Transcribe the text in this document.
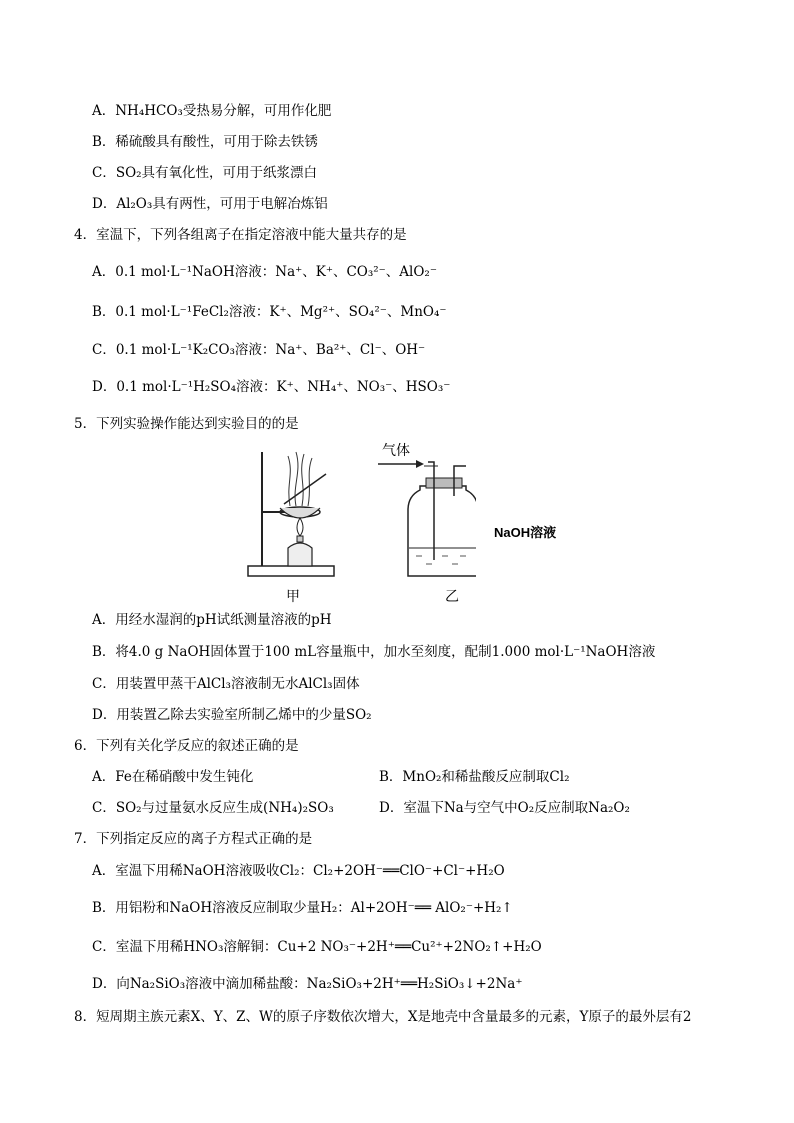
A．NH₄HCO₃受热易分解，可用作化肥
B．稀硫酸具有酸性，可用于除去铁锈
C．SO₂具有氧化性，可用于纸浆漂白
D．Al₂O₃具有两性，可用于电解冶炼铝
4．室温下，下列各组离子在指定溶液中能大量共存的是
A．0.1 mol·L⁻¹NaOH溶液：Na⁺、K⁺、CO₃²⁻、AlO₂⁻
B．0.1 mol·L⁻¹FeCl₂溶液：K⁺、Mg²⁺、SO₄²⁻、MnO₄⁻
C．0.1 mol·L⁻¹K₂CO₃溶液：Na⁺、Ba²⁺、Cl⁻、OH⁻
D．0.1 mol·L⁻¹H₂SO₄溶液：K⁺、NH₄⁺、NO₃⁻、HSO₃⁻
5．下列实验操作能达到实验目的的是
甲
气体
NaOH溶液
乙
A．用经水湿润的pH试纸测量溶液的pH
B．将4.0 g NaOH固体置于100 mL容量瓶中，加水至刻度，配制1.000 mol·L⁻¹NaOH溶液
C．用装置甲蒸干AlCl₃溶液制无水AlCl₃固体
D．用装置乙除去实验室所制乙烯中的少量SO₂
6．下列有关化学反应的叙述正确的是
A．Fe在稀硝酸中发生钝化	B．MnO₂和稀盐酸反应制取Cl₂
C．SO₂与过量氨水反应生成(NH₄)₂SO₃	D．室温下Na与空气中O₂反应制取Na₂O₂
7．下列指定反应的离子方程式正确的是
A．室温下用稀NaOH溶液吸收Cl₂：Cl₂+2OH⁻══ClO⁻+Cl⁻+H₂O
B．用铝粉和NaOH溶液反应制取少量H₂：Al+2OH⁻══ AlO₂⁻+H₂↑
C．室温下用稀HNO₃溶解铜：Cu+2 NO₃⁻+2H⁺══Cu²⁺+2NO₂↑+H₂O
D．向Na₂SiO₃溶液中滴加稀盐酸：Na₂SiO₃+2H⁺══H₂SiO₃↓+2Na⁺
8．短周期主族元素X、Y、Z、W的原子序数依次增大，X是地壳中含量最多的元素，Y原子的最外层有2
